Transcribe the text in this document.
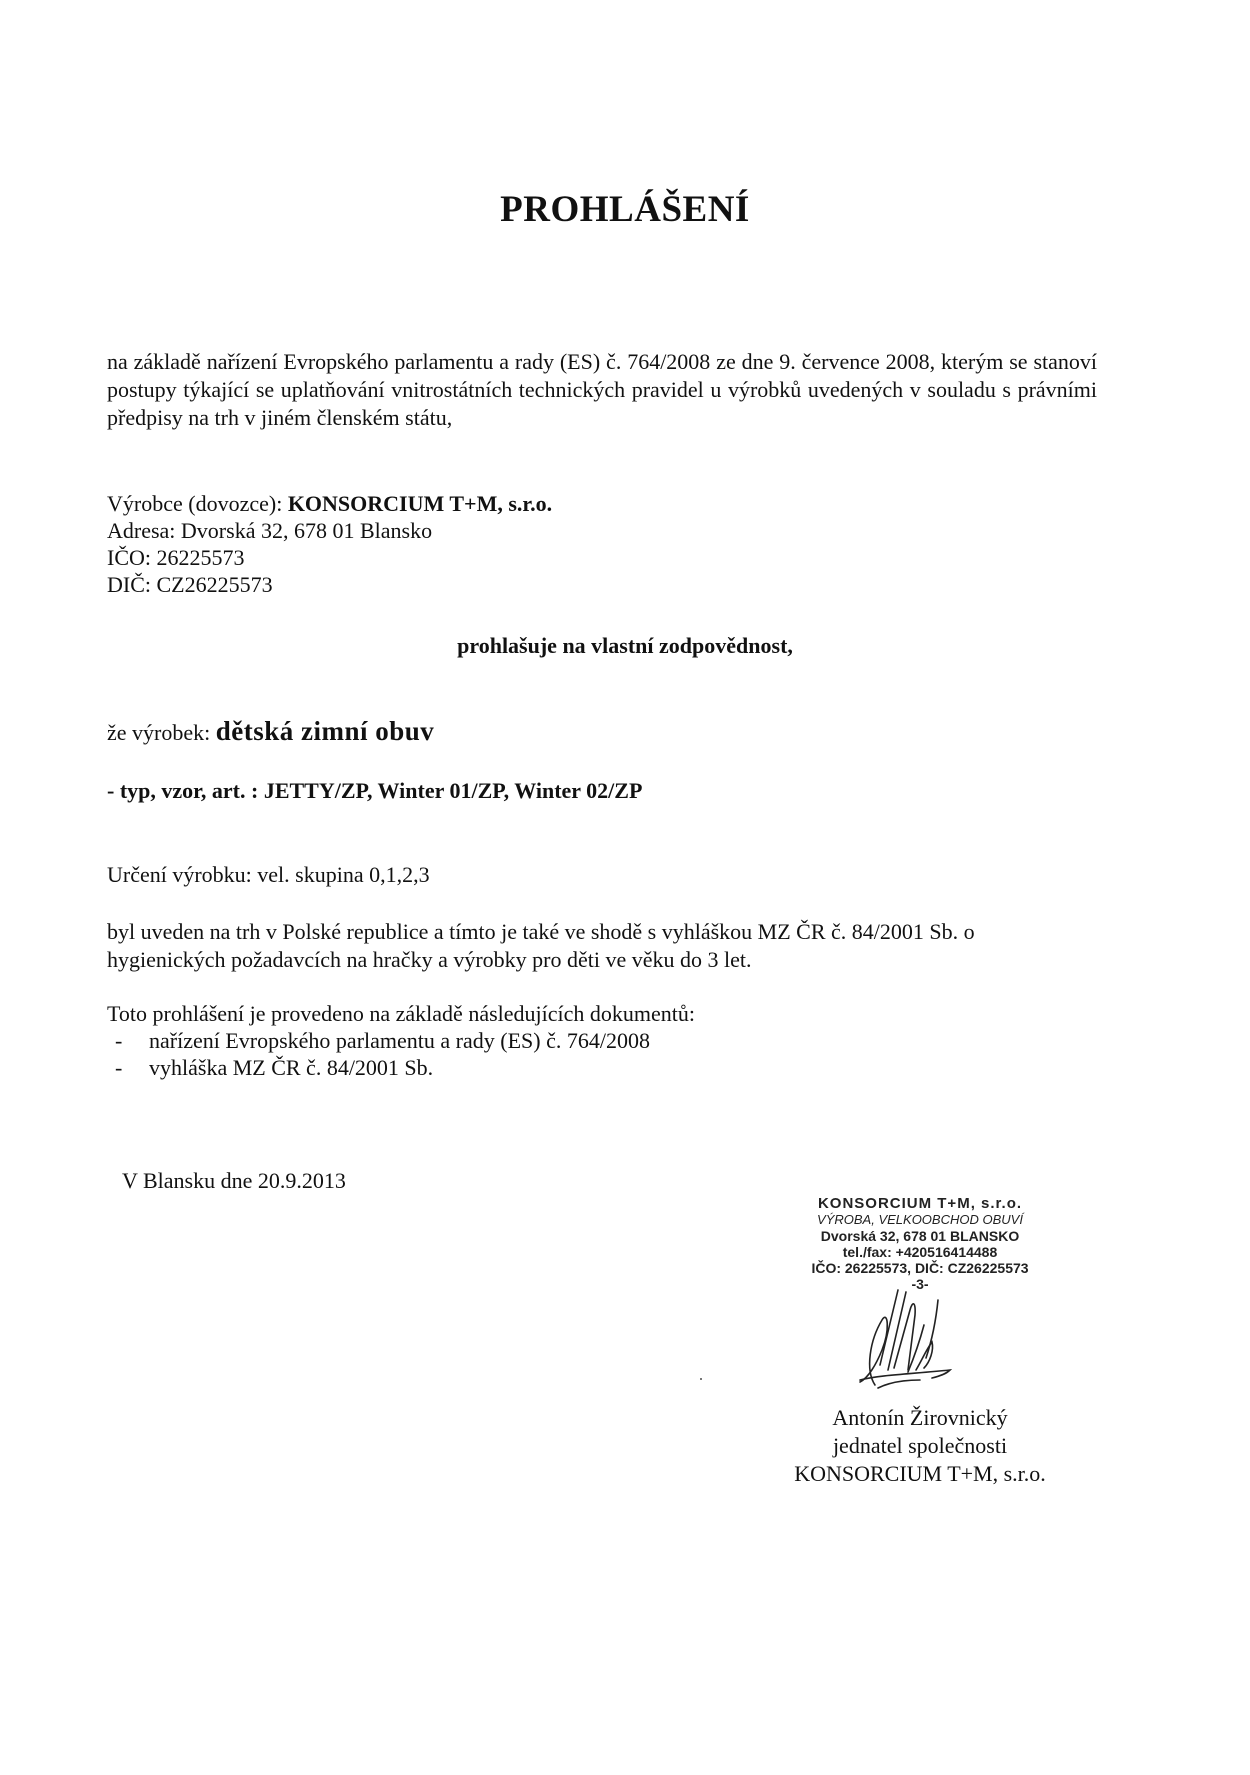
PROHLÁŠENÍ
na základě nařízení Evropského parlamentu a rady (ES) č. 764/2008 ze dne 9. července 2008, kterým se stanoví postupy týkající se uplatňování vnitrostátních technických pravidel u výrobků uvedených v souladu s právními předpisy na trh v jiném členském státu,
Výrobce (dovozce): KONSORCIUM T+M, s.r.o.
Adresa: Dvorská 32, 678 01 Blansko
IČO: 26225573
DIČ: CZ26225573
prohlašuje na vlastní zodpovědnost,
že výrobek: dětská zimní obuv
- typ, vzor, art. : JETTY/ZP, Winter 01/ZP, Winter 02/ZP
Určení výrobku: vel. skupina 0,1,2,3
byl uveden na trh v Polské republice a tímto je také ve shodě s vyhláškou MZ ČR č. 84/2001 Sb. o hygienických požadavcích na hračky a výrobky pro děti ve věku do 3 let.
Toto prohlášení je provedeno na základě následujících dokumentů:
- nařízení Evropského parlamentu a rady (ES) č. 764/2008
- vyhláška MZ ČR č. 84/2001 Sb.
V Blansku dne 20.9.2013
KONSORCIUM T+M, s.r.o.
VÝROBA, VELKOOBCHOD OBUVÍ
Dvorská 32, 678 01 BLANSKO
tel./fax: +420516414488
IČO: 26225573, DIČ: CZ26225573
-3-
Antonín Žirovnický
jednatel společnosti
KONSORCIUM T+M, s.r.o.
